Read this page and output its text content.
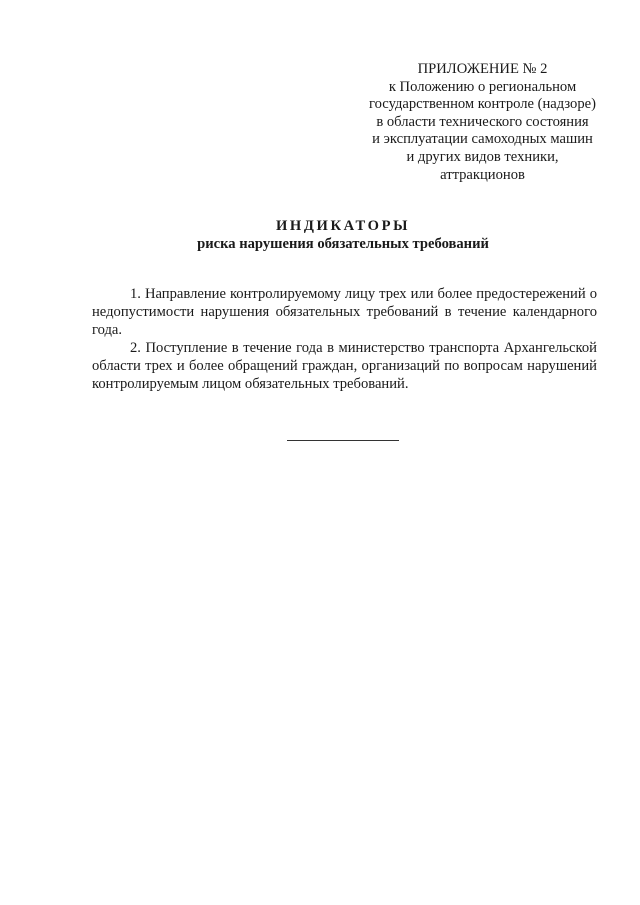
ПРИЛОЖЕНИЕ № 2
к Положению о региональном
государственном контроле (надзоре)
в области технического состояния
и эксплуатации самоходных машин
и других видов техники,
аттракционов
ИНДИКАТОРЫ
риска нарушения обязательных требований

1. Направление контролируемому лицу трех или более предостережений о недопустимости нарушения обязательных требований в течение календарного года.

2. Поступление в течение года в министерство транспорта Архангельской области трех и более обращений граждан, организаций по вопросам нарушений контролируемым лицом обязательных требований.
